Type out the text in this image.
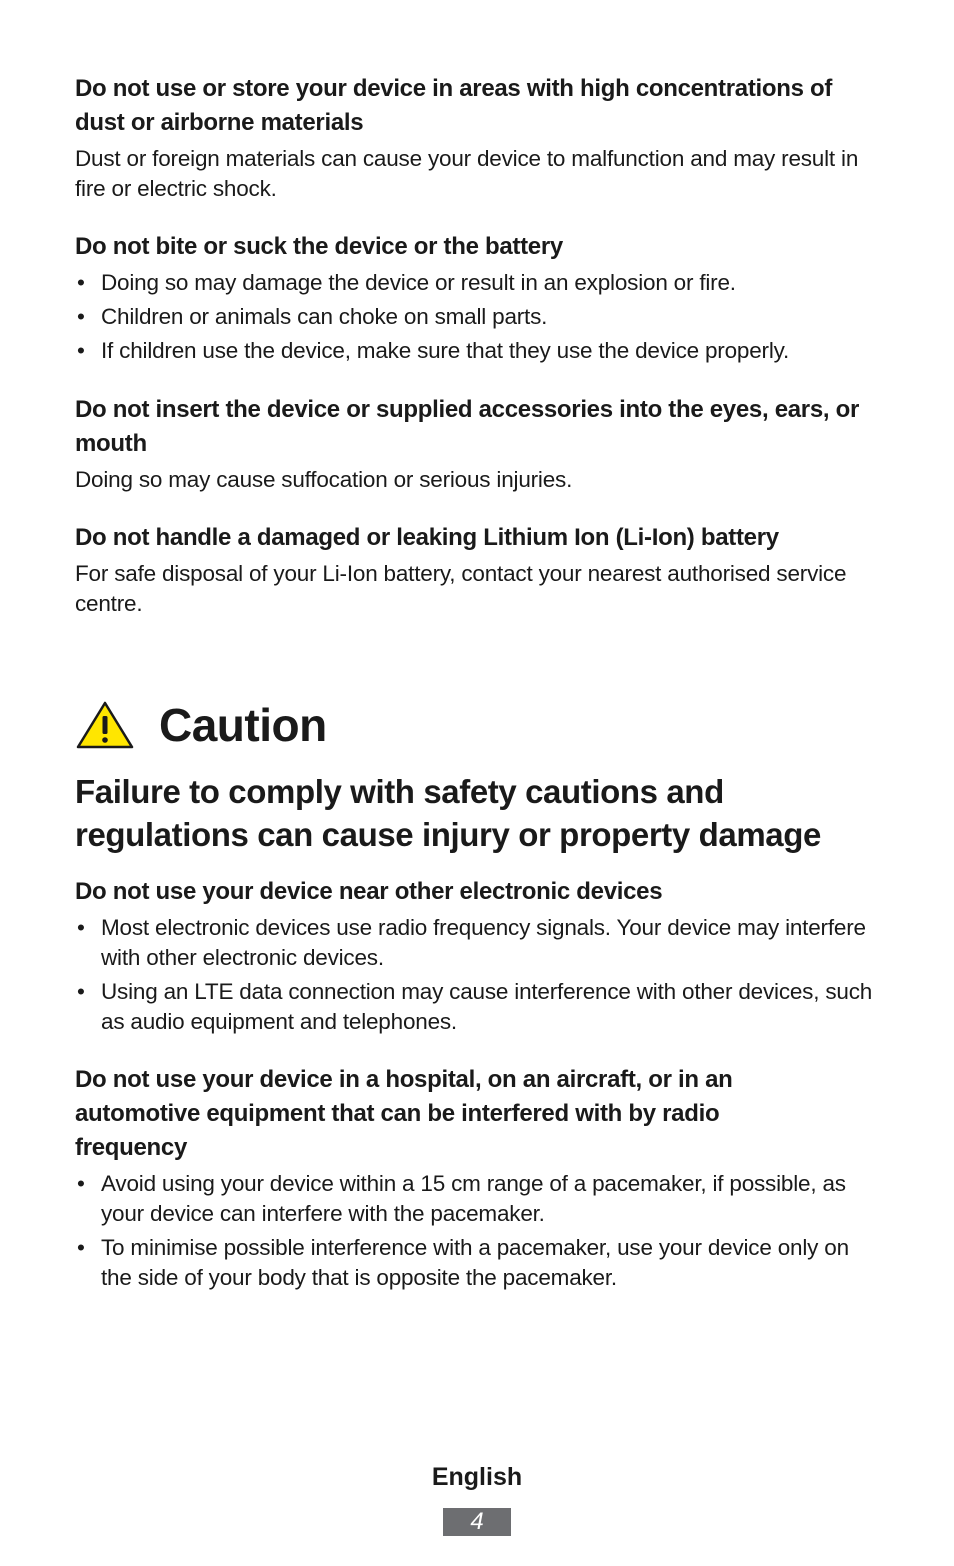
Do not use or store your device in areas with high concentrations of dust or airborne materials

Dust or foreign materials can cause your device to malfunction and may result in fire or electric shock.

Do not bite or suck the device or the battery
• Doing so may damage the device or result in an explosion or fire.
• Children or animals can choke on small parts.
• If children use the device, make sure that they use the device properly.
Do not insert the device or supplied accessories into the eyes, ears, or mouth

Doing so may cause suffocation or serious injuries.

Do not handle a damaged or leaking Lithium Ion (Li-Ion) battery

For safe disposal of your Li-Ion battery, contact your nearest authorised service centre.

Caution
Failure to comply with safety cautions and regulations can cause injury or property damage
Do not use your device near other electronic devices
• Most electronic devices use radio frequency signals. Your device may interfere with other electronic devices.
• Using an LTE data connection may cause interference with other devices, such as audio equipment and telephones.
Do not use your device in a hospital, on an aircraft, or in an automotive equipment that can be interfered with by radio frequency
• Avoid using your device within a 15 cm range of a pacemaker, if possible, as your device can interfere with the pacemaker.
• To minimise possible interference with a pacemaker, use your device only on the side of your body that is opposite the pacemaker.
English
4
